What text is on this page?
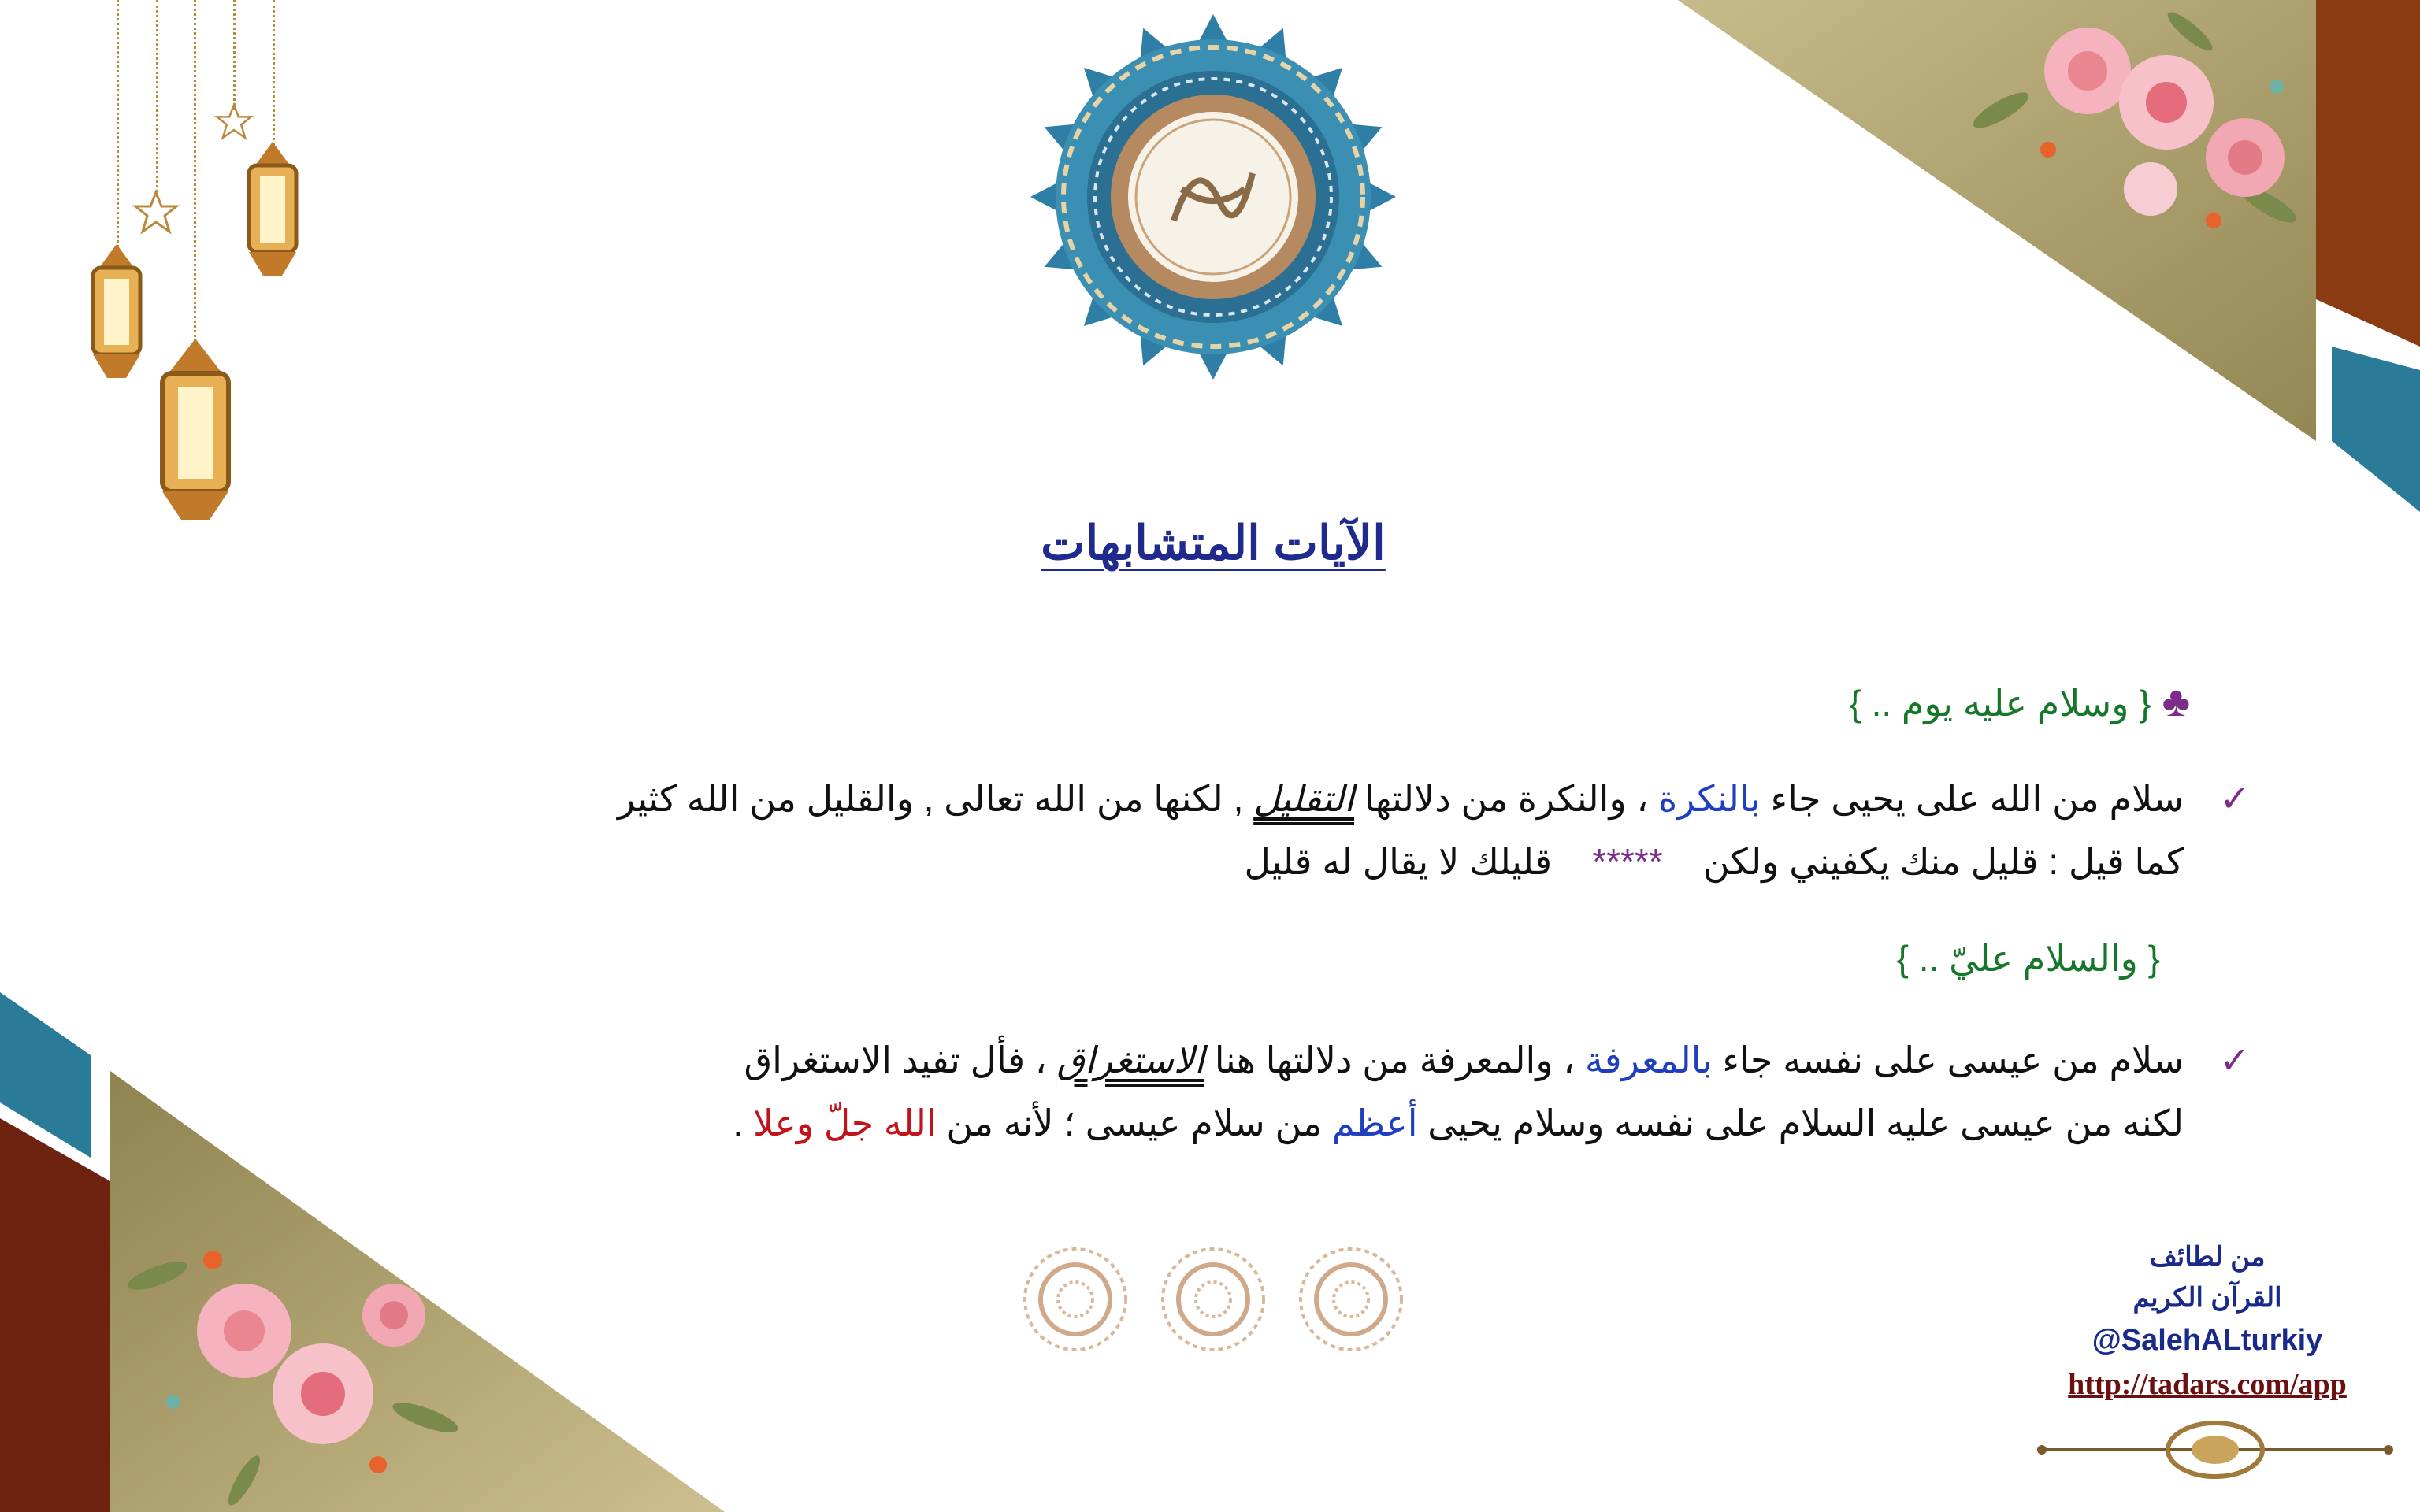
الآيات المتشابهات
♣{ وسلام عليه يوم .. }
✓
سلام من الله على يحيى جاء بالنكرة ، والنكرة من دلالتها التقليل , لكنها من الله تعالى , والقليل من الله كثير
كما قيل : قليل منك يكفيني ولكن    *****    قليلك لا يقال له قليل
{ والسلام عليّ .. }
✓
سلام من عيسى على نفسه جاء بالمعرفة ، والمعرفة من دلالتها هنا الاستغراق ، فأل تفيد الاستغراق
لكنه من عيسى عليه السلام على نفسه وسلام يحيى أعظم من سلام عيسى ؛ لأنه من الله جلّ وعلا .
من لطائف
القرآن الكريم
@SalehALturkiy
http://tadars.com/app
